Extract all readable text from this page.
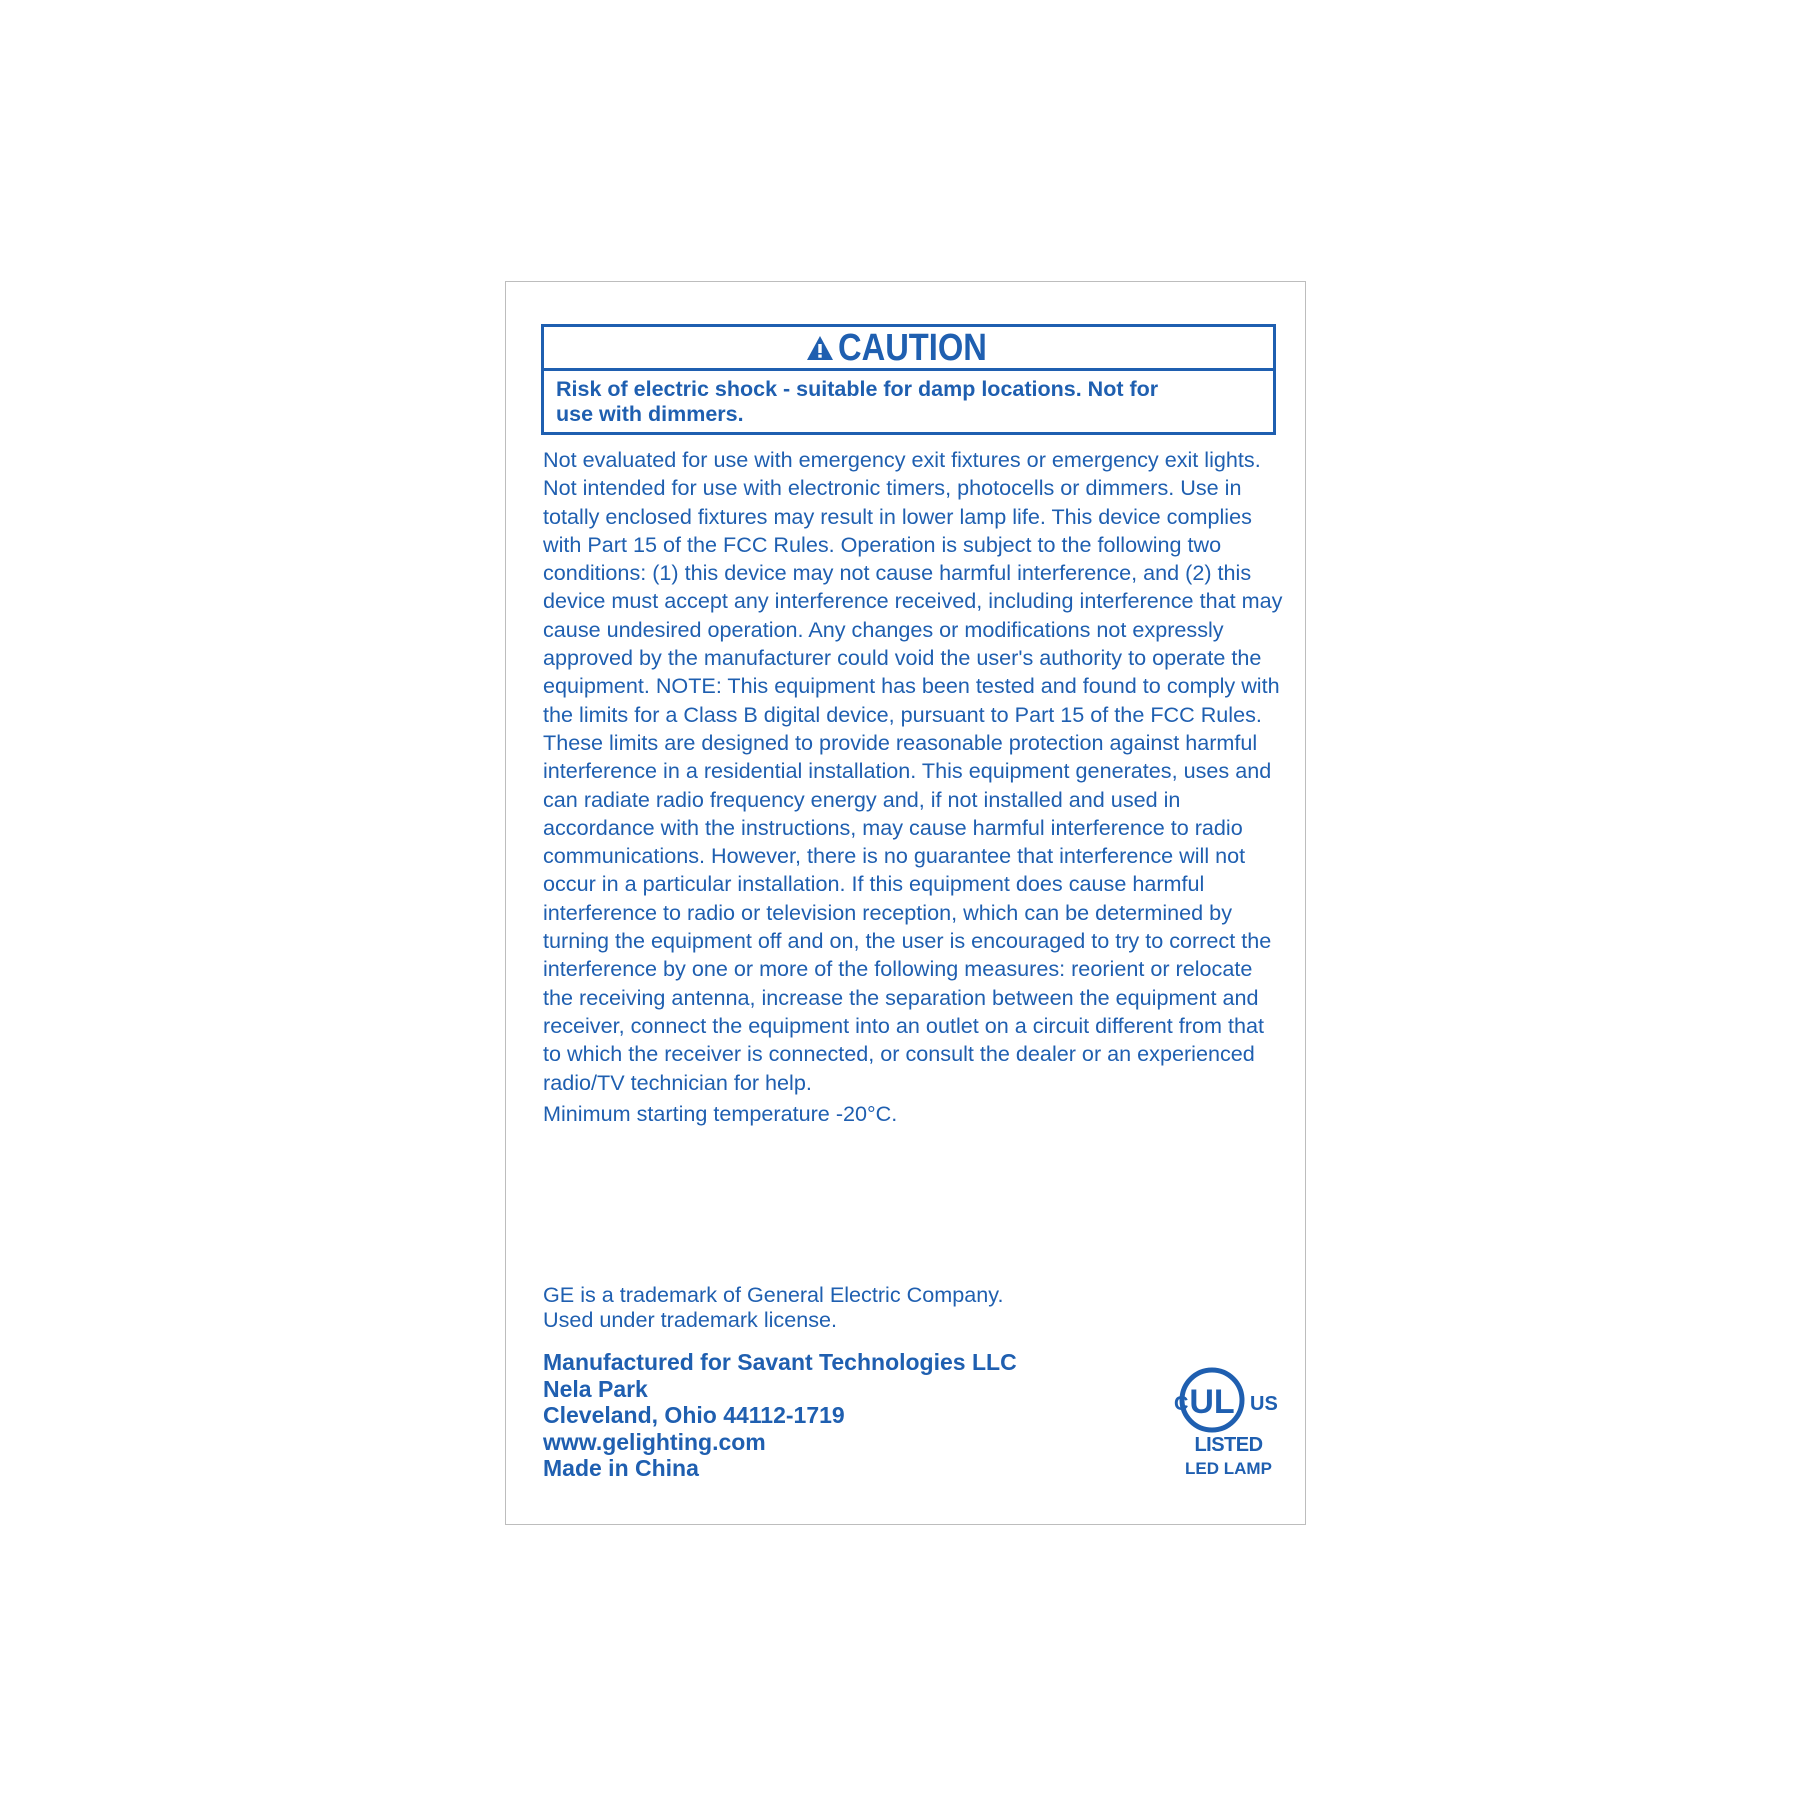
CAUTION
Risk of electric shock - suitable for damp locations. Not for use with dimmers.
Not evaluated for use with emergency exit fixtures or emergency exit lights. Not intended for use with electronic timers, photocells or dimmers. Use in totally enclosed fixtures may result in lower lamp life. This device complies with Part 15 of the FCC Rules. Operation is subject to the following two conditions: (1) this device may not cause harmful interference, and (2) this device must accept any interference received, including interference that may cause undesired operation. Any changes or modifications not expressly approved by the manufacturer could void the user's authority to operate the equipment. NOTE: This equipment has been tested and found to comply with the limits for a Class B digital device, pursuant to Part 15 of the FCC Rules. These limits are designed to provide reasonable protection against harmful interference in a residential installation. This equipment generates, uses and can radiate radio frequency energy and, if not installed and used in accordance with the instructions, may cause harmful interference to radio communications. However, there is no guarantee that interference will not occur in a particular installation. If this equipment does cause harmful interference to radio or television reception, which can be determined by turning the equipment off and on, the user is encouraged to try to correct the interference by one or more of the following measures: reorient or relocate the receiving antenna, increase the separation between the equipment and receiver, connect the equipment into an outlet on a circuit different from that to which the receiver is connected, or consult the dealer or an experienced radio/TV technician for help.
Minimum starting temperature -20°C.
GE is a trademark of General Electric Company.
Used under trademark license.
Manufactured for Savant Technologies LLC
Nela Park
Cleveland, Ohio 44112-1719
www.gelighting.com
Made in China
C UL US
LISTED
LED LAMP
